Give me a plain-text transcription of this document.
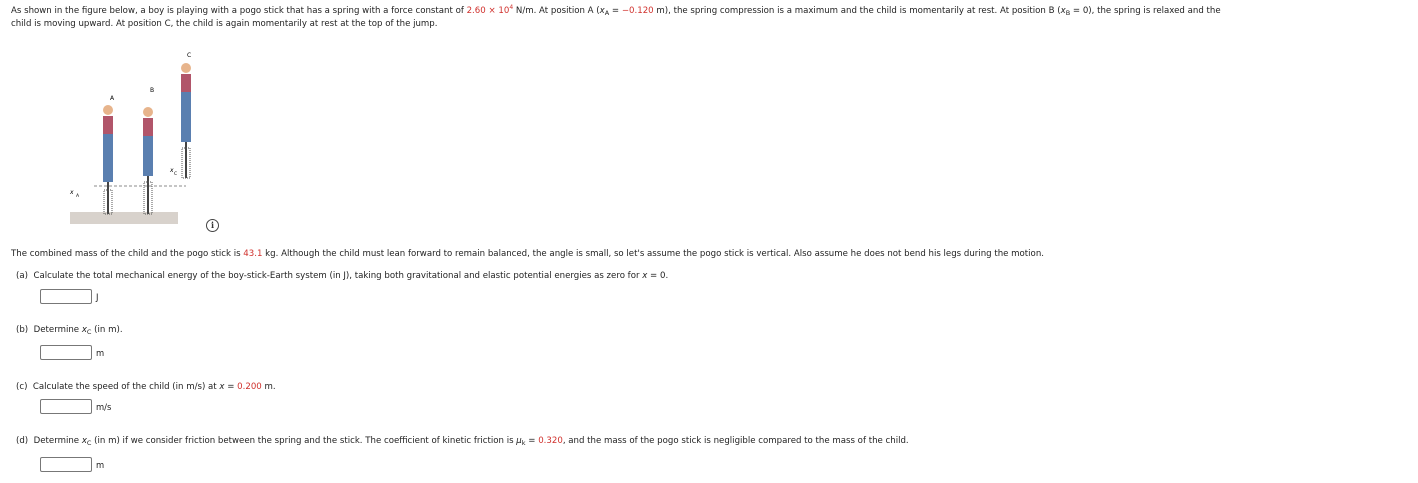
As shown in the figure below, a boy is playing with a pogo stick that has a spring with a force constant of $2.60 \times 10^4$ N/m. At position A ($x_A = -0.120$ m), the spring compression is a maximum and the child is momentarily at rest. At position B $(x_B = 0)$, the spring is relaxed and the
child is moving upward. At position C, the child is again momentarily at rest at the top of the jump.
A
B
C
x
A
x
C
i
The combined mass of the child and the pogo stick is 43.1 kg. Although the child must lean forward to remain balanced, the angle is small, so let's assume the pogo stick is vertical. Also assume he does not bend his legs during the motion.
(a) Calculate the total mechanical energy of the boy-stick-Earth system (in J), taking both gravitational and elastic potential energies as zero for x = 0.
J
(b) Determine $x_C$ (in m).
m
(c) Calculate the speed of the child (in m/s) at x = 0.200 m.
m/s
(d) Determine $x_C$ (in m) if we consider friction between the spring and the stick. The coefficient of kinetic friction is $\mu_k = 0.320$, and the mass of the pogo stick is negligible compared to the mass of the child.
m
